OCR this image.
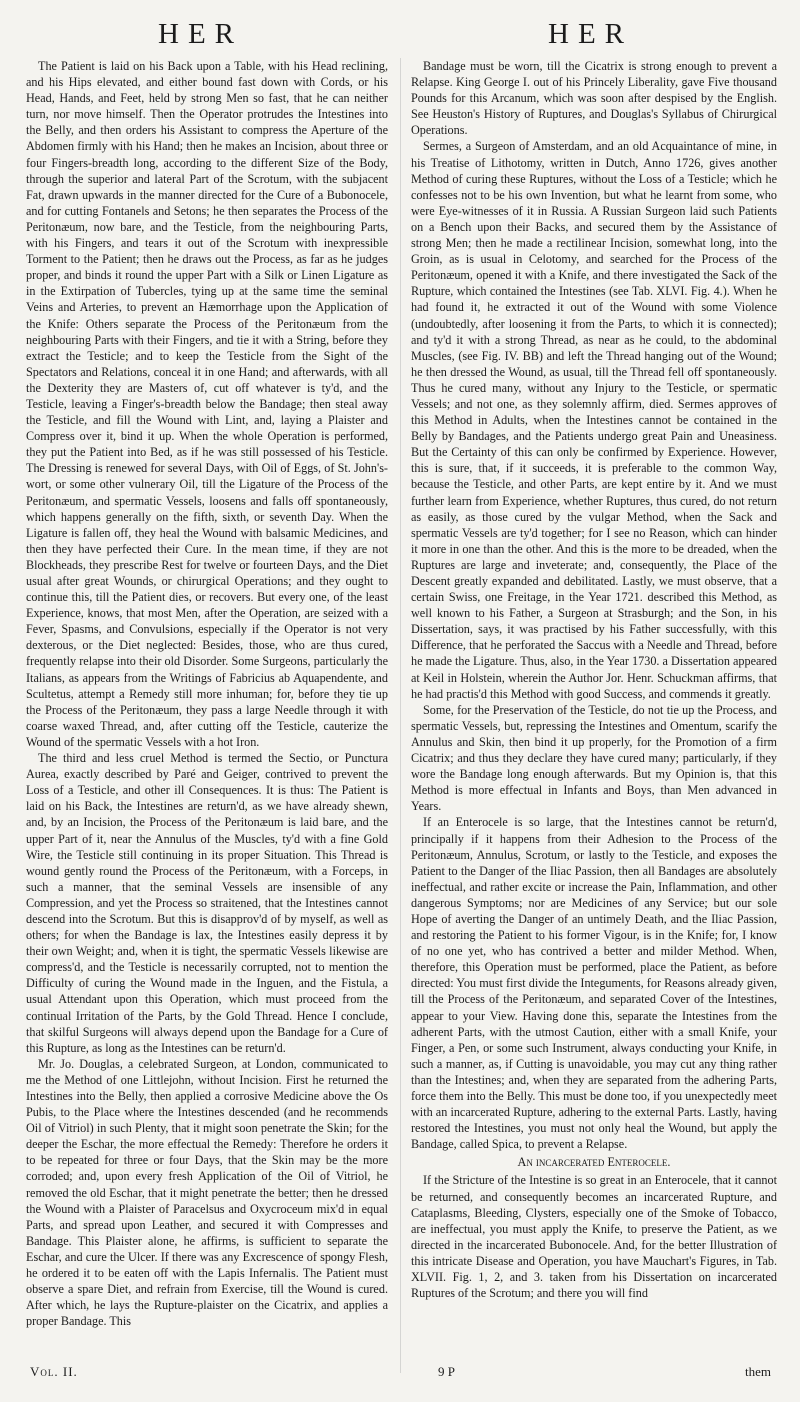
HER	HER

The Patient is laid on his Back upon a Table, with his Head reclining, and his Hips elevated, and either bound fast down with Cords, or his Head, Hands, and Feet, held by strong Men so fast, that he can neither turn, nor move himself. Then the Operator protrudes the Intestines into the Belly, and then orders his Assistant to compress the Aperture of the Abdomen firmly with his Hand; then he makes an Incision, about three or four Fingers-breadth long, according to the different Size of the Body, through the superior and lateral Part of the Scrotum, with the subjacent Fat, drawn upwards in the manner directed for the Cure of a Bubonocele, and for cutting Fontanels and Setons; he then separates the Process of the Peritonæum, now bare, and the Testicle, from the neighbouring Parts, with his Fingers, and tears it out of the Scrotum with inexpressible Torment to the Patient; then he draws out the Process, as far as he judges proper, and binds it round the upper Part with a Silk or Linen Ligature as in the Extirpation of Tubercles, tying up at the same time the seminal Veins and Arteries, to prevent an Hæmorrhage upon the Application of the Knife: Others separate the Process of the Peritonæum from the neighbouring Parts with their Fingers, and tie it with a String, before they extract the Testicle; and to keep the Testicle from the Sight of the Spectators and Relations, conceal it in one Hand; and afterwards, with all the Dexterity they are Masters of, cut off whatever is ty'd, and the Testicle, leaving a Finger's-breadth below the Bandage; then steal away the Testicle, and fill the Wound with Lint, and, laying a Plaister and Compress over it, bind it up. When the whole Operation is performed, they put the Patient into Bed, as if he was still possessed of his Testicle. The Dressing is renewed for several Days, with Oil of Eggs, of St. John's-wort, or some other vulnerary Oil, till the Ligature of the Process of the Peritonæum, and spermatic Vessels, loosens and falls off spontaneously, which happens generally on the fifth, sixth, or seventh Day. When the Ligature is fallen off, they heal the Wound with balsamic Medicines, and then they have perfected their Cure. In the mean time, if they are not Blockheads, they prescribe Rest for twelve or fourteen Days, and the Diet usual after great Wounds, or chirurgical Operations; and they ought to continue this, till the Patient dies, or recovers. But every one, of the least Experience, knows, that most Men, after the Operation, are seized with a Fever, Spasms, and Convulsions, especially if the Operator is not very dexterous, or the Diet neglected: Besides, those, who are thus cured, frequently relapse into their old Disorder. Some Surgeons, particularly the Italians, as appears from the Writings of Fabricius ab Aquapendente, and Scultetus, attempt a Remedy still more inhuman; for, before they tie up the Process of the Peritonæum, they pass a large Needle through it with coarse waxed Thread, and, after cutting off the Testicle, cauterize the Wound of the spermatic Vessels with a hot Iron.

The third and less cruel Method is termed the Sectio, or Punctura Aurea, exactly described by Paré and Geiger, contrived to prevent the Loss of a Testicle, and other ill Consequences. It is thus: The Patient is laid on his Back, the Intestines are return'd, as we have already shewn, and, by an Incision, the Process of the Peritonæum is laid bare, and the upper Part of it, near the Annulus of the Muscles, ty'd with a fine Gold Wire, the Testicle still continuing in its proper Situation. This Thread is wound gently round the Process of the Peritonæum, with a Forceps, in such a manner, that the seminal Vessels are insensible of any Compression, and yet the Process so straitened, that the Intestines cannot descend into the Scrotum. But this is disapprov'd of by myself, as well as others; for when the Bandage is lax, the Intestines easily depress it by their own Weight; and, when it is tight, the spermatic Vessels likewise are compress'd, and the Testicle is necessarily corrupted, not to mention the Difficulty of curing the Wound made in the Inguen, and the Fistula, a usual Attendant upon this Operation, which must proceed from the continual Irritation of the Parts, by the Gold Thread. Hence I conclude, that skilful Surgeons will always depend upon the Bandage for a Cure of this Rupture, as long as the Intestines can be return'd.

Mr. Jo. Douglas, a celebrated Surgeon, at London, communicated to me the Method of one Littlejohn, without Incision. First he returned the Intestines into the Belly, then applied a corrosive Medicine above the Os Pubis, to the Place where the Intestines descended (and he recommends Oil of Vitriol) in such Plenty, that it might soon penetrate the Skin; for the deeper the Eschar, the more effectual the Remedy: Therefore he orders it to be repeated for three or four Days, that the Skin may be the more corroded; and, upon every fresh Application of the Oil of Vitriol, he removed the old Eschar, that it might penetrate the better; then he dressed the Wound with a Plaister of Paracelsus and Oxycroceum mix'd in equal Parts, and spread upon Leather, and secured it with Compresses and Bandage. This Plaister alone, he affirms, is sufficient to separate the Eschar, and cure the Ulcer. If there was any Excrescence of spongy Flesh, he ordered it to be eaten off with the Lapis Infernalis. The Patient must observe a spare Diet, and refrain from Exercise, till the Wound is cured. After which, he lays the Rupture-plaister on the Cicatrix, and applies a proper Bandage. This

Bandage must be worn, till the Cicatrix is strong enough to prevent a Relapse. King George I. out of his Princely Liberality, gave Five thousand Pounds for this Arcanum, which was soon after despised by the English. See Heuston's History of Ruptures, and Douglas's Syllabus of Chirurgical Operations.

Sermes, a Surgeon of Amsterdam, and an old Acquaintance of mine, in his Treatise of Lithotomy, written in Dutch, Anno 1726, gives another Method of curing these Ruptures, without the Loss of a Testicle; which he confesses not to be his own Invention, but what he learnt from some, who were Eye-witnesses of it in Russia. A Russian Surgeon laid such Patients on a Bench upon their Backs, and secured them by the Assistance of strong Men; then he made a rectilinear Incision, somewhat long, into the Groin, as is usual in Celotomy, and searched for the Process of the Peritonæum, opened it with a Knife, and there investigated the Sack of the Rupture, which contained the Intestines (see Tab. XLVI. Fig. 4.). When he had found it, he extracted it out of the Wound with some Violence (undoubtedly, after loosening it from the Parts, to which it is connected); and ty'd it with a strong Thread, as near as he could, to the abdominal Muscles, (see Fig. IV. BB) and left the Thread hanging out of the Wound; he then dressed the Wound, as usual, till the Thread fell off spontaneously. Thus he cured many, without any Injury to the Testicle, or spermatic Vessels; and not one, as they solemnly affirm, died. Sermes approves of this Method in Adults, when the Intestines cannot be contained in the Belly by Bandages, and the Patients undergo great Pain and Uneasiness. But the Certainty of this can only be confirmed by Experience. However, this is sure, that, if it succeeds, it is preferable to the common Way, because the Testicle, and other Parts, are kept entire by it. And we must further learn from Experience, whether Ruptures, thus cured, do not return as easily, as those cured by the vulgar Method, when the Sack and spermatic Vessels are ty'd together; for I see no Reason, which can hinder it more in one than the other. And this is the more to be dreaded, when the Ruptures are large and inveterate; and, consequently, the Place of the Descent greatly expanded and debilitated. Lastly, we must observe, that a certain Swiss, one Freitage, in the Year 1721. described this Method, as well known to his Father, a Surgeon at Strasburgh; and the Son, in his Dissertation, says, it was practised by his Father successfully, with this Difference, that he perforated the Saccus with a Needle and Thread, before he made the Ligature. Thus, also, in the Year 1730. a Dissertation appeared at Keil in Holstein, wherein the Author Jor. Henr. Schuckman affirms, that he had practis'd this Method with good Success, and commends it greatly.

Some, for the Preservation of the Testicle, do not tie up the Process, and spermatic Vessels, but, repressing the Intestines and Omentum, scarify the Annulus and Skin, then bind it up properly, for the Promotion of a firm Cicatrix; and thus they declare they have cured many; particularly, if they wore the Bandage long enough afterwards. But my Opinion is, that this Method is more effectual in Infants and Boys, than Men advanced in Years.

If an Enterocele is so large, that the Intestines cannot be return'd, principally if it happens from their Adhesion to the Process of the Peritonæum, Annulus, Scrotum, or lastly to the Testicle, and exposes the Patient to the Danger of the Iliac Passion, then all Bandages are absolutely ineffectual, and rather excite or increase the Pain, Inflammation, and other dangerous Symptoms; nor are Medicines of any Service; but our sole Hope of averting the Danger of an untimely Death, and the Iliac Passion, and restoring the Patient to his former Vigour, is in the Knife; for, I know of no one yet, who has contrived a better and milder Method. When, therefore, this Operation must be performed, place the Patient, as before directed: You must first divide the Integuments, for Reasons already given, till the Process of the Peritonæum, and separated Cover of the Intestines, appear to your View. Having done this, separate the Intestines from the adherent Parts, with the utmost Caution, either with a small Knife, your Finger, a Pen, or some such Instrument, always conducting your Knife, in such a manner, as, if Cutting is unavoidable, you may cut any thing rather than the Intestines; and, when they are separated from the adhering Parts, force them into the Belly. This must be done too, if you unexpectedly meet with an incarcerated Rupture, adhering to the external Parts. Lastly, having restored the Intestines, you must not only heal the Wound, but apply the Bandage, called Spica, to prevent a Relapse.

An incarcerated Enterocele.

If the Stricture of the Intestine is so great in an Enterocele, that it cannot be returned, and consequently becomes an incarcerated Rupture, and Cataplasms, Bleeding, Clysters, especially one of the Smoke of Tobacco, are ineffectual, you must apply the Knife, to preserve the Patient, as we directed in the incarcerated Bubonocele. And, for the better Illustration of this intricate Disease and Operation, you have Mauchart's Figures, in Tab. XLVII. Fig. 1, 2, and 3. taken from his Dissertation on incarcerated Ruptures of the Scrotum; and there you will find

Vol. II.	9 P	them
